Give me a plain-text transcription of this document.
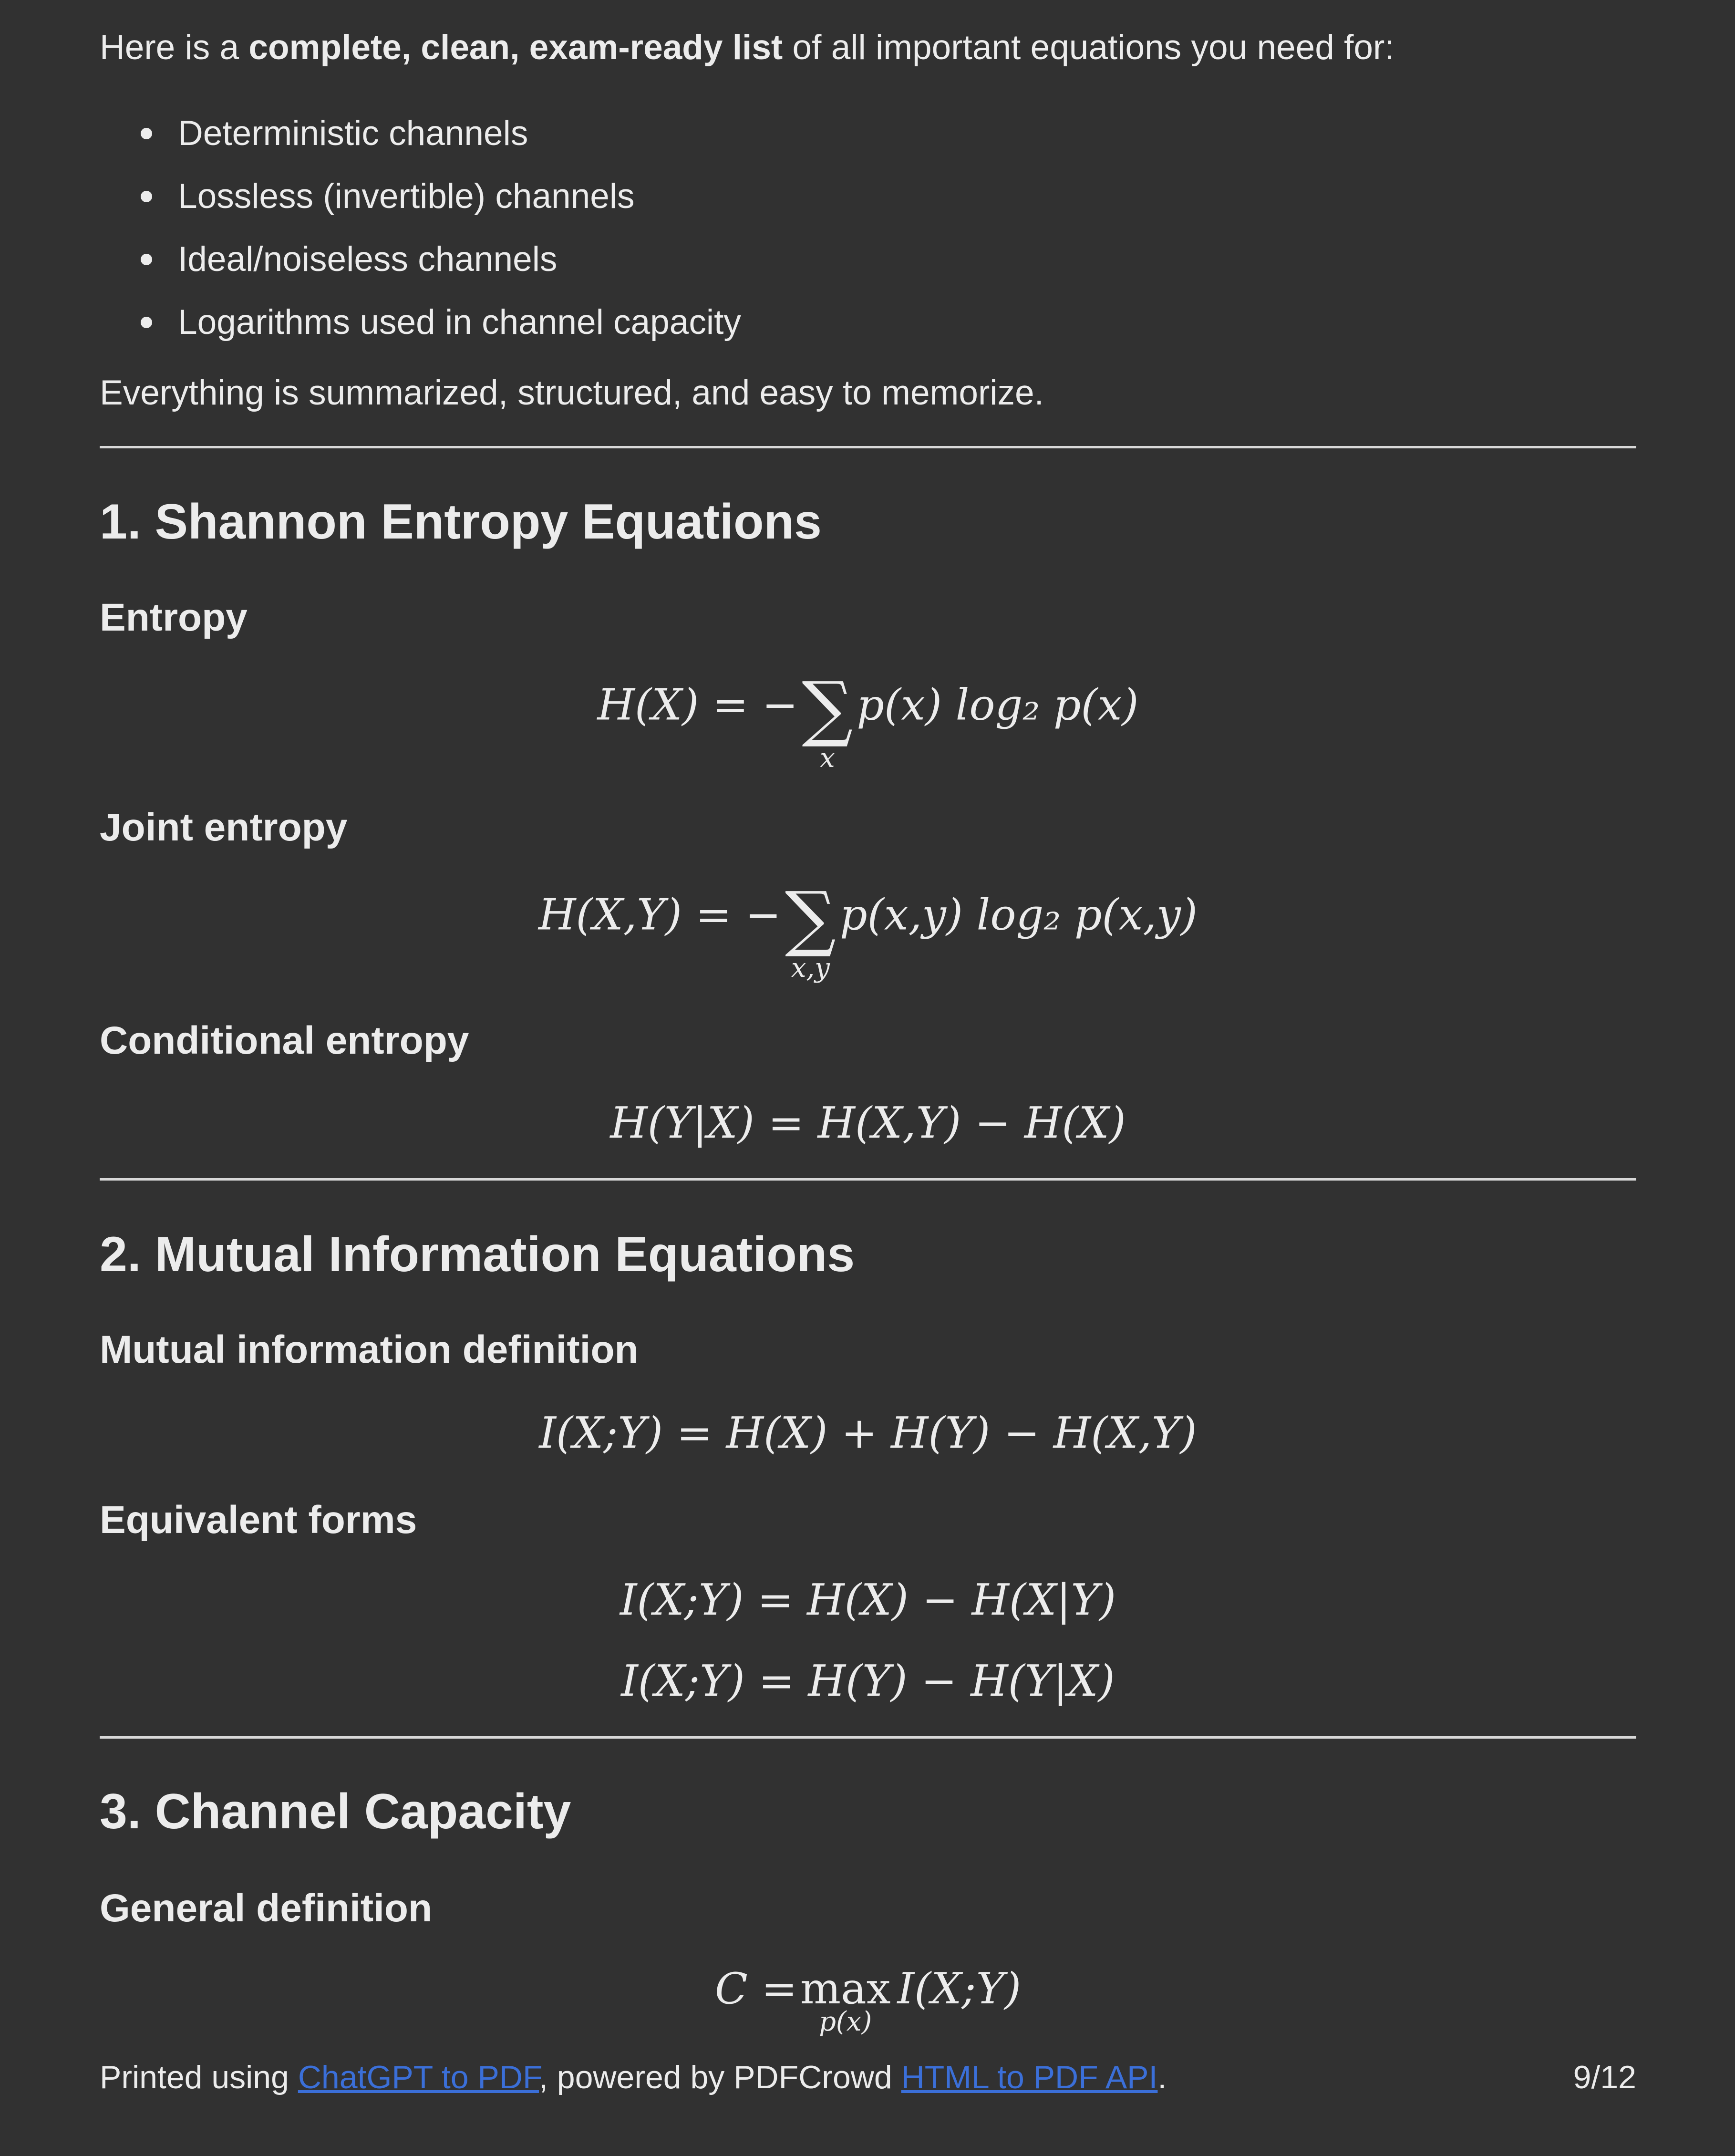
Here is a complete, clean, exam-ready list of all important equations you need for:
Deterministic channels
Lossless (invertible) channels
Ideal/noiseless channels
Logarithms used in channel capacity
Everything is summarized, structured, and easy to memorize.
1. Shannon Entropy Equations
Entropy
H(X) = − ∑
x
p(x) log₂ p(x)
Joint entropy
H(X,Y) = − ∑
x,y
p(x,y) log₂ p(x,y)
Conditional entropy
H(Y|X) = H(X,Y) − H(X)
2. Mutual Information Equations
Mutual information definition
I(X;Y) = H(X) + H(Y) − H(X,Y)
Equivalent forms
I(X;Y) = H(X) − H(X|Y)
I(X;Y) = H(Y) − H(Y|X)
3. Channel Capacity
General definition
C =max
p(x)
I(X;Y)
Printed using ChatGPT to PDF, powered by PDFCrowd HTML to PDF API.	9/12
